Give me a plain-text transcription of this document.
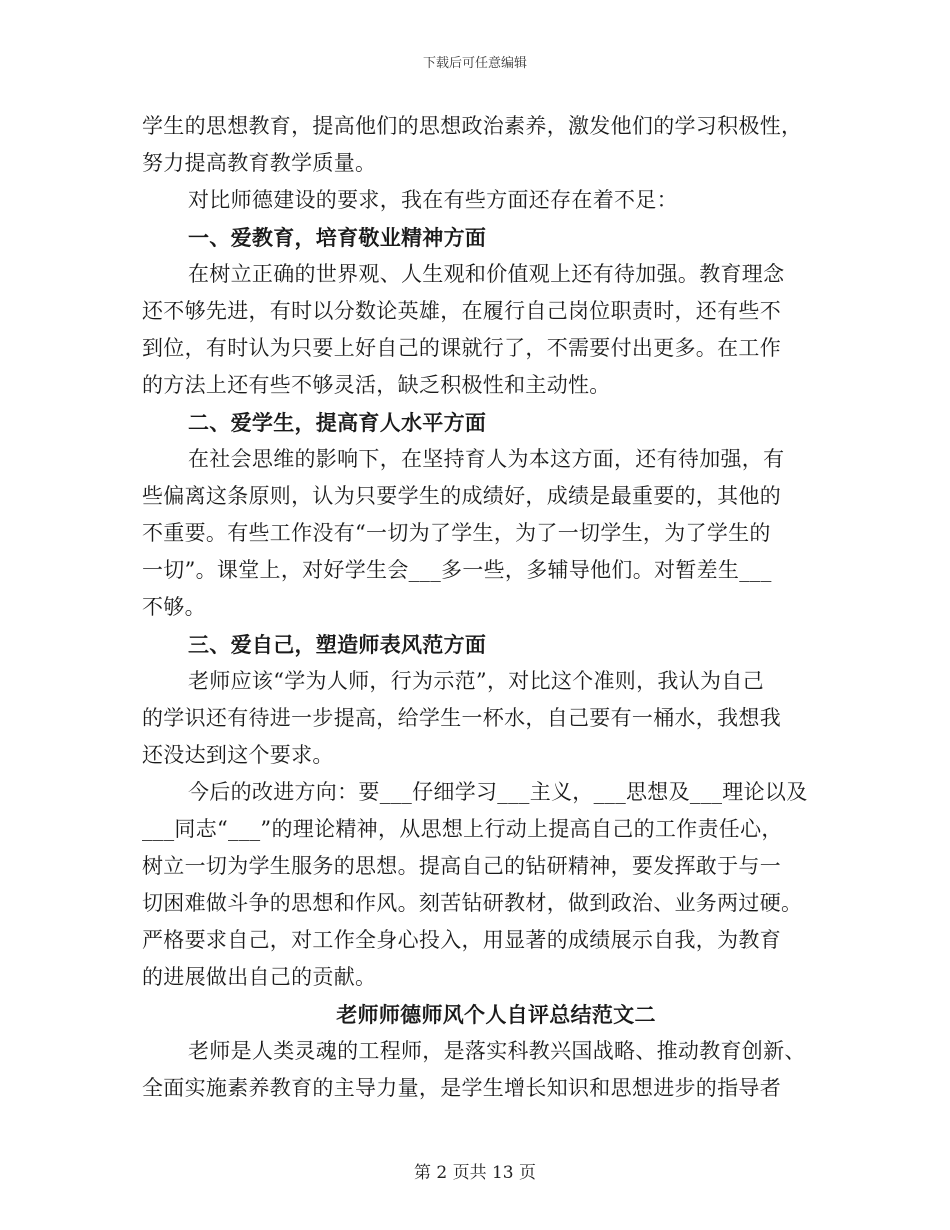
下载后可任意编辑
学生的思想教育，提高他们的思想政治素养，激发他们的学习积极性，
努力提高教育教学质量。
对比师德建设的要求，我在有些方面还存在着不足：
一、爱教育，培育敬业精神方面
在树立正确的世界观、人生观和价值观上还有待加强。教育理念
还不够先进，有时以分数论英雄，在履行自己岗位职责时，还有些不
到位，有时认为只要上好自己的课就行了，不需要付出更多。在工作
的方法上还有些不够灵活，缺乏积极性和主动性。
二、爱学生，提高育人水平方面
在社会思维的影响下，在坚持育人为本这方面，还有待加强，有
些偏离这条原则，认为只要学生的成绩好，成绩是最重要的，其他的
不重要。有些工作没有“一切为了学生，为了一切学生，为了学生的
一切”。课堂上，对好学生会___多一些，多辅导他们。对暂差生___
不够。
三、爱自己，塑造师表风范方面
老师应该“学为人师，行为示范”，对比这个准则，我认为自己
的学识还有待进一步提高，给学生一杯水，自己要有一桶水，我想我
还没达到这个要求。
今后的改进方向：要___仔细学习___主义，___思想及___理论以及
___同志“___”的理论精神，从思想上行动上提高自己的工作责任心，
树立一切为学生服务的思想。提高自己的钻研精神，要发挥敢于与一
切困难做斗争的思想和作风。刻苦钻研教材，做到政治、业务两过硬。
严格要求自己，对工作全身心投入，用显著的成绩展示自我，为教育
的进展做出自己的贡献。
老师师德师风个人自评总结范文二
老师是人类灵魂的工程师，是落实科教兴国战略、推动教育创新、
全面实施素养教育的主导力量，是学生增长知识和思想进步的指导者
第 2 页共 13 页
